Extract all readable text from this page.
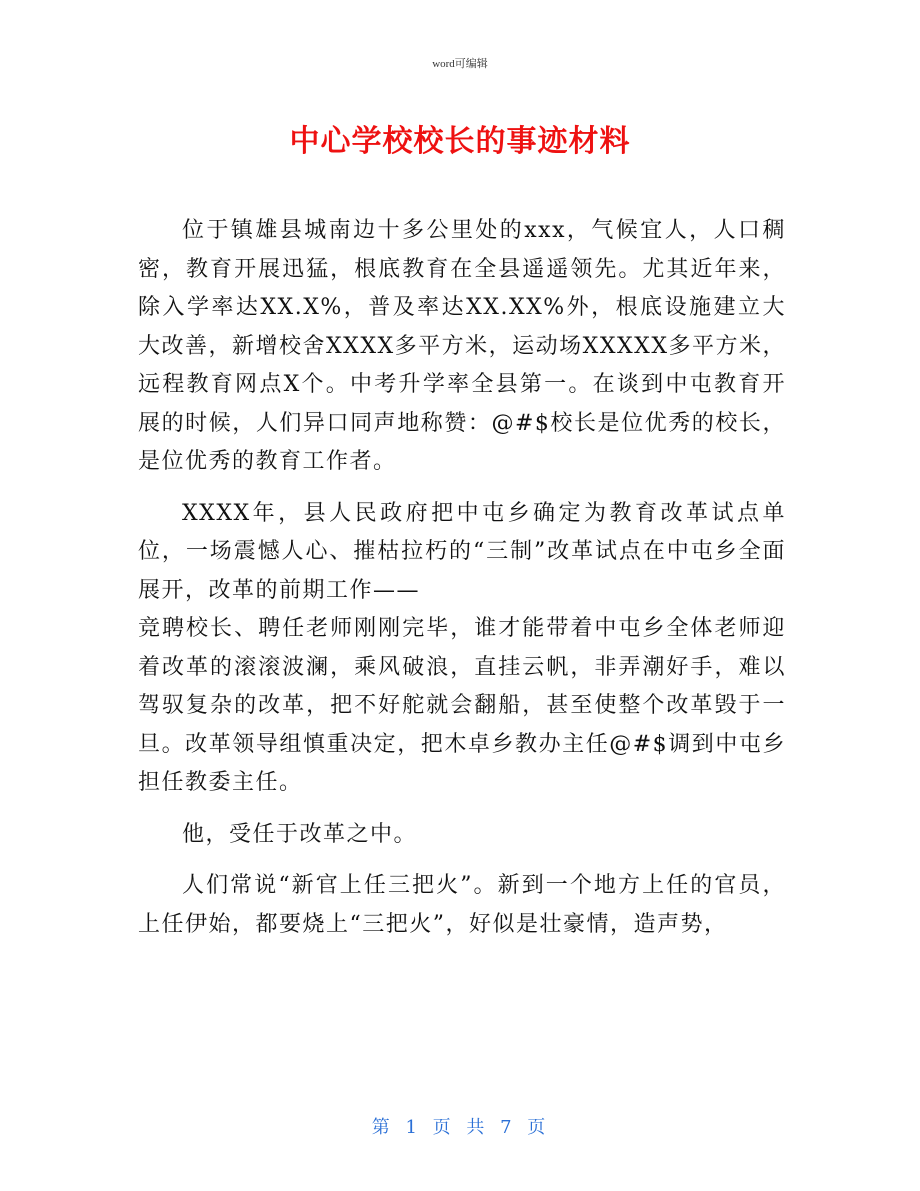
word可编辑
中心学校校长的事迹材料

位于镇雄县城南边十多公里处的xxx，气候宜人，人口稠密，教育开展迅猛，根底教育在全县遥遥领先。尤其近年来，除入学率达XX.X%，普及率达XX.XX%外，根底设施建立大大改善，新增校舍XXXX多平方米，运动场XXXXX多平方米，远程教育网点X个。中考升学率全县第一。在谈到中屯教育开展的时候，人们异口同声地称赞：@#$校长是位优秀的校长，是位优秀的教育工作者。

XXXX年，县人民政府把中屯乡确定为教育改革试点单位，一场震憾人心、摧枯拉朽的“三制”改革试点在中屯乡全面展开，改革的前期工作——

竞聘校长、聘任老师刚刚完毕，谁才能带着中屯乡全体老师迎着改革的滚滚波澜，乘风破浪，直挂云帆，非弄潮好手，难以驾驭复杂的改革，把不好舵就会翻船，甚至使整个改革毁于一旦。改革领导组慎重决定，把木卓乡教办主任@#$调到中屯乡担任教委主任。

他，受任于改革之中。

人们常说“新官上任三把火”。新到一个地方上任的官员，上任伊始，都要烧上“三把火”，好似是壮豪情，造声势，

第 1 页 共 7 页
